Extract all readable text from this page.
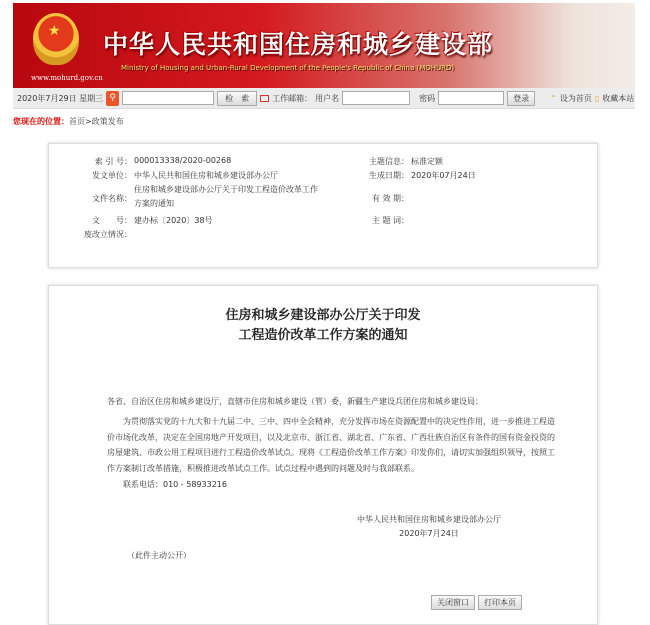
★
www.mohurd.gov.cn
中华人民共和国住房和城乡建设部
Ministry of Housing and Urban-Rural Development of the People's Republic of China (MOHURD)
2020年7月29日 星期三 ⚲	检　索	工作邮箱： 用户名	密码	登录	⌃ 设为首页 ▯ 收藏本站
您现在的位置：首页>政策发布
索 引 号： 000013338/2020-00268	主题信息： 标准定额
发文单位： 中华人民共和国住房和城乡建设部办公厅	生成日期： 2020年07月24日
文件名称：
住房和城乡建设部办公厅关于印发工程造价改革工作
方案的通知
有 效 期：
文　　号： 建办标〔2020〕38号	主 题 词：
废改立情况：
住房和城乡建设部办公厅关于印发
工程造价改革工作方案的通知
各省、自治区住房和城乡建设厅，直辖市住房和城乡建设（管）委，新疆生产建设兵团住房和城乡建设局：
　　为贯彻落实党的十九大和十九届二中、三中、四中全会精神，充分发挥市场在资源配置中的决定性作用，进一步推进工程造价市场化改革，决定在全国房地产开发项目，以及北京市、浙江省、湖北省、广东省、广西壮族自治区有条件的国有资金投资的房屋建筑、市政公用工程项目进行工程造价改革试点。现将《工程造价改革工作方案》印发你们，请切实加强组织领导，按照工作方案制订改革措施，积极推进改革试点工作。试点过程中遇到的问题及时与我部联系。
　　联系电话：010 - 58933216
中华人民共和国住房和城乡建设部办公厅
2020年7月24日
（此件主动公开）
关闭窗口	打印本页
